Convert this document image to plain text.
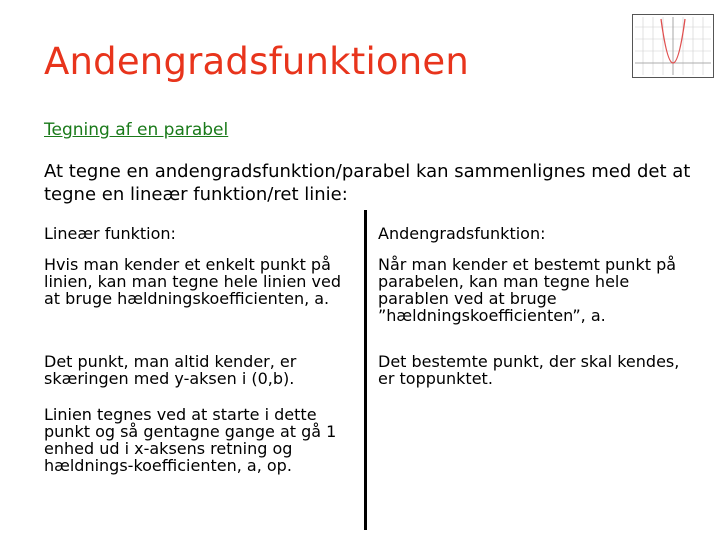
Andengradsfunktionen
Tegning af en parabel
At tegne en andengradsfunktion/parabel kan sammenlignes med det at tegne en lineær funktion/ret linie:
Lineær funktion:	Andengradsfunktion:

Hvis man kender et enkelt punkt på linien, kan man tegne hele linien ved at bruge hældningskoefficienten, a.

Det punkt, man altid kender, er skæringen med y-aksen i (0,b).

Linien tegnes ved at starte i dette punkt og så gentagne gange at gå 1 enhed ud i x-aksens retning og hældnings-koefficienten, a, op.

Når man kender et bestemt punkt på parabelen, kan man tegne hele parablen ved at bruge ”hældningskoefficienten”, a.

Det bestemte punkt, der skal kendes, er toppunktet.
